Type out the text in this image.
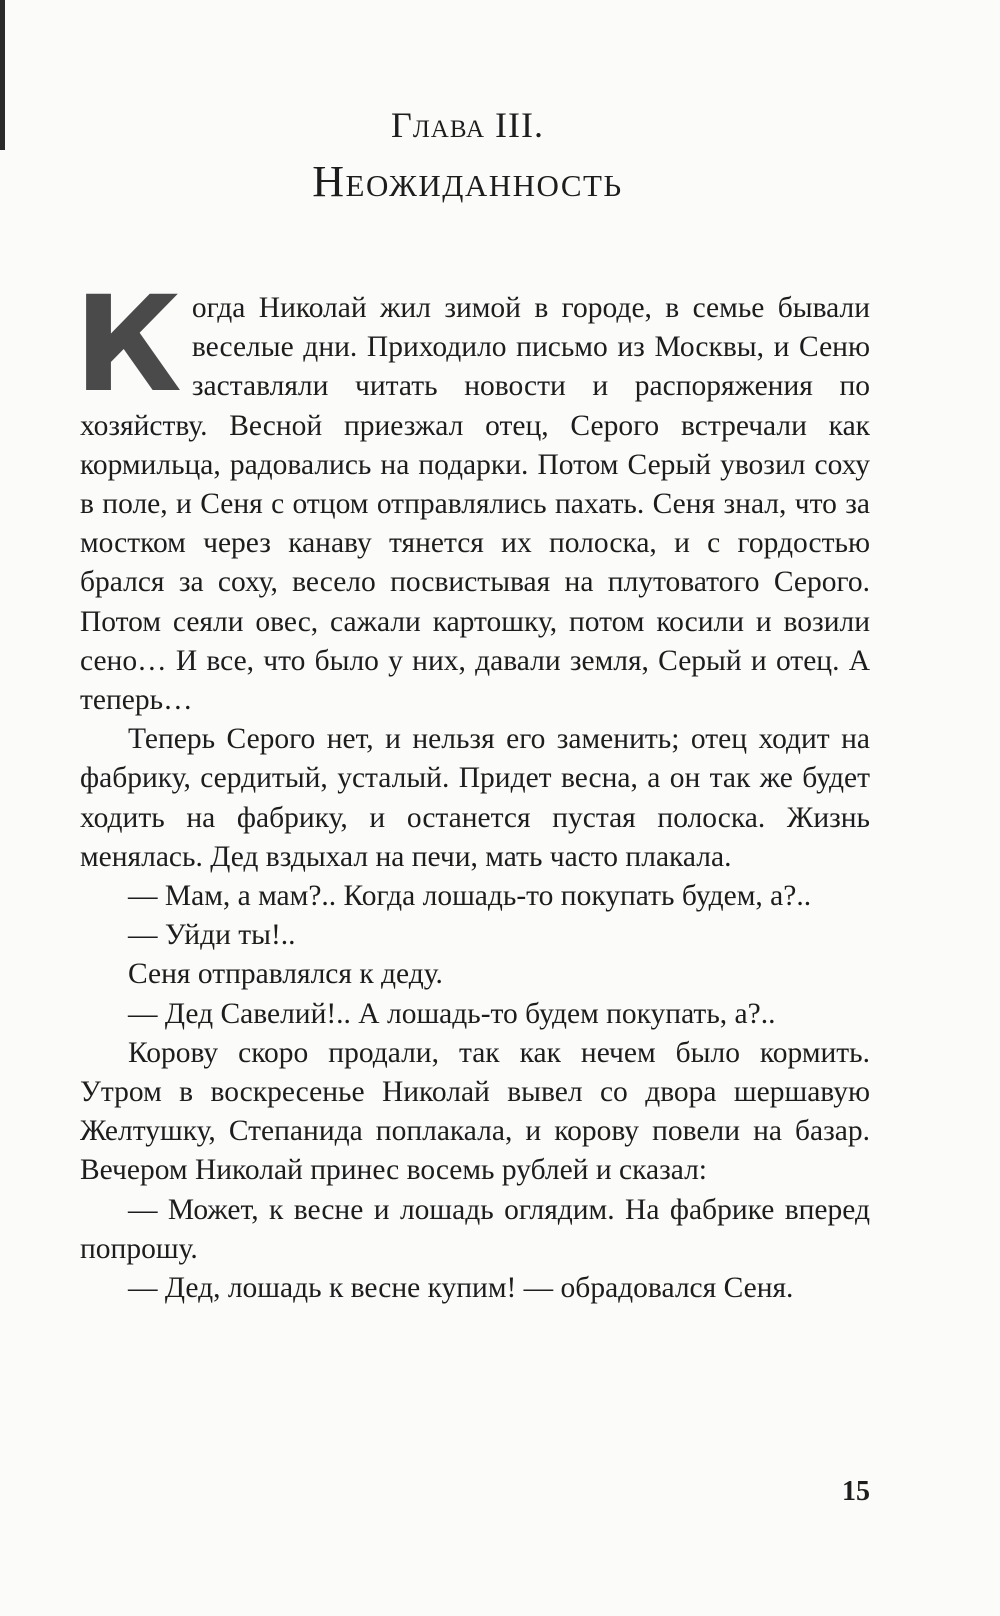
Глава III.
Неожиданность

Когда Николай жил зимой в городе, в семье бывали веселые дни. Приходило письмо из Москвы, и Сеню заставляли читать новости и распоряжения по хозяйству. Весной приезжал отец, Серого встречали как кормильца, радовались на подарки. Потом Серый увозил соху в поле, и Сеня с отцом отправлялись пахать. Сеня знал, что за мостком через канаву тянется их полоска, и с гордостью брался за соху, весело посвистывая на плутоватого Серого. Потом сеяли овес, сажали картошку, потом косили и возили сено… И все, что было у них, давали земля, Серый и отец. А теперь…

Теперь Серого нет, и нельзя его заменить; отец ходит на фабрику, сердитый, усталый. Придет весна, а он так же будет ходить на фабрику, и останется пустая полоска. Жизнь менялась. Дед вздыхал на печи, мать часто плакала.

— Мам, а мам?.. Когда лошадь-то покупать будем, а?..

— Уйди ты!..

Сеня отправлялся к деду.

— Дед Савелий!.. А лошадь-то будем покупать, а?..

Корову скоро продали, так как нечем было кормить. Утром в воскресенье Николай вывел со двора шершавую Желтушку, Степанида поплакала, и корову повели на базар. Вечером Николай принес восемь рублей и сказал:

— Может, к весне и лошадь оглядим. На фабрике вперед попрошу.

— Дед, лошадь к весне купим! — обрадовался Сеня.

15
